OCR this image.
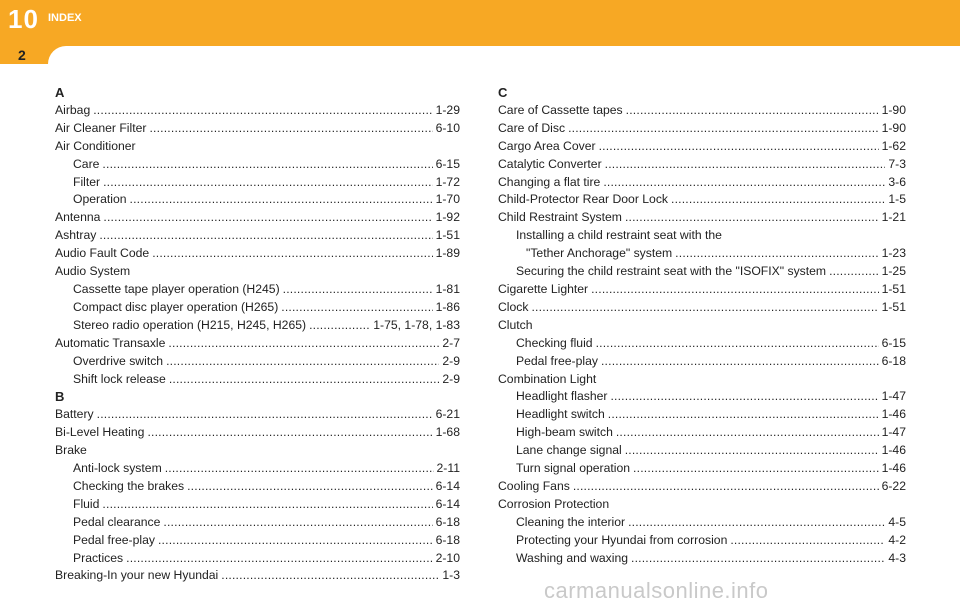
10 INDEX
2
A
Airbag . . .	1-29
Air Cleaner Filter . . .	6-10
Air Conditioner
Care . . .	6-15
Filter . . .	1-72
Operation . . .	1-70
Antenna . . .	1-92
Ashtray . . .	1-51
Audio Fault Code . . .	1-89
Audio System
Cassette tape player operation (H245) . . .	1-81
Compact disc player operation (H265) . . .	1-86
Stereo radio operation (H215, H245, H265) . . .	1-75, 1-78, 1-83
Automatic Transaxle . . .	2-7
Overdrive switch . . .	2-9
Shift lock release . . .	2-9
B
Battery . . .	6-21
Bi-Level Heating . . .	1-68
Brake
Anti-lock system . . .	2-11
Checking the brakes . . .	6-14
Fluid . . .	6-14
Pedal clearance . . .	6-18
Pedal free-play . . .	6-18
Practices . . .	2-10
Breaking-In your new Hyundai . . .	1-3
C
Care of Cassette tapes . . .	1-90
Care of Disc . . .	1-90
Cargo Area Cover . . .	1-62
Catalytic Converter . . .	7-3
Changing a flat tire . . .	3-6
Child-Protector Rear Door Lock . . .	1-5
Child Restraint System . . .	1-21
Installing a child restraint seat with the
"Tether Anchorage" system . . .	1-23
Securing the child restraint seat with the "ISOFIX" system . . .	1-25
Cigarette Lighter . . .	1-51
Clock . . .	1-51
Clutch
Checking fluid . . .	6-15
Pedal free-play . . .	6-18
Combination Light
Headlight flasher . . .	1-47
Headlight switch . . .	1-46
High-beam switch . . .	1-47
Lane change signal . . .	1-46
Turn signal operation . . .	1-46
Cooling Fans . . .	6-22
Corrosion Protection
Cleaning the interior . . .	4-5
Protecting your Hyundai from corrosion . . .	4-2
Washing and waxing . . .	4-3
carmanualsonline.info
